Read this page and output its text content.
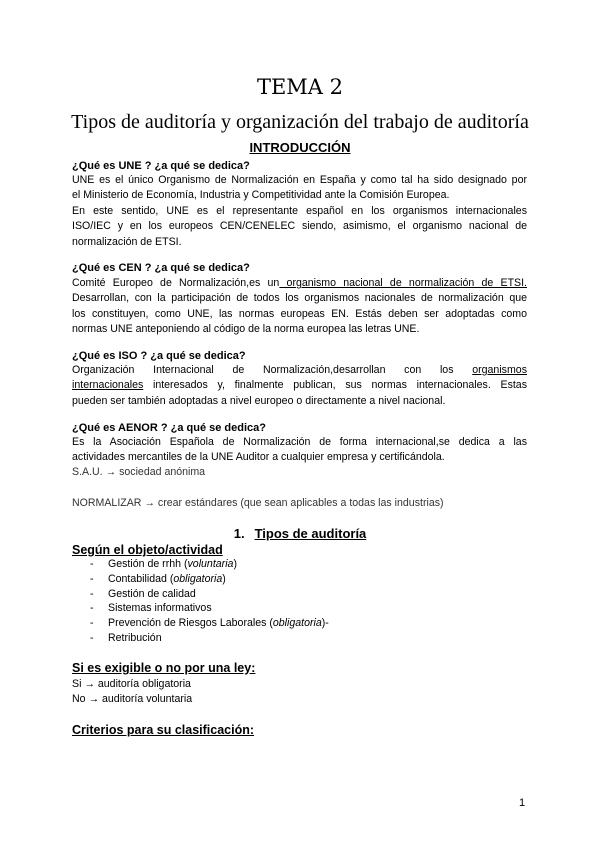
TEMA 2
Tipos de auditoría y organización del trabajo de auditoría
INTRODUCCIÓN
¿Qué es UNE ? ¿a qué se dedica?
UNE es el único Organismo de Normalización en España y como tal ha sido designado por
el Ministerio de Economía, Industria y Competitividad ante la Comisión Europea.
En este sentido, UNE es el representante español en los organismos internacionales
ISO/IEC y en los europeos CEN/CENELEC siendo, asimismo, el organismo nacional de
normalización de ETSI.
¿Qué es CEN ? ¿a qué se dedica?
Comité Europeo de Normalización,es un organismo nacional de normalización de ETSI.
Desarrollan, con la participación de todos los organismos nacionales de normalización que
los constituyen, como UNE, las normas europeas EN. Estás deben ser adoptadas como
normas UNE anteponiendo al código de la norma europea las letras UNE.
¿Qué es ISO ? ¿a qué se dedica?
Organización Internacional de Normalización,desarrollan con los organismos
internacionales interesados y, finalmente publican, sus normas internacionales. Estas
pueden ser también adoptadas a nivel europeo o directamente a nivel nacional.
¿Qué es AENOR ? ¿a qué se dedica?
Es la Asociación Española de Normalización de forma internacional,se dedica a las
actividades mercantiles de la UNE Auditor a cualquier empresa y certificándola.
S.A.U. → sociedad anónima
NORMALIZAR → crear estándares (que sean aplicables a todas las industrias)
1. Tipos de auditoría
Según el objeto/actividad
- Gestión de rrhh (voluntaria)
- Contabilidad (obligatoria)
- Gestión de calidad
- Sistemas informativos
- Prevención de Riesgos Laborales (obligatoria)-
- Retribución
Si es exigible o no por una ley:
Si → auditoría obligatoria
No → auditoría voluntaria
Criterios para su clasificación:
1
